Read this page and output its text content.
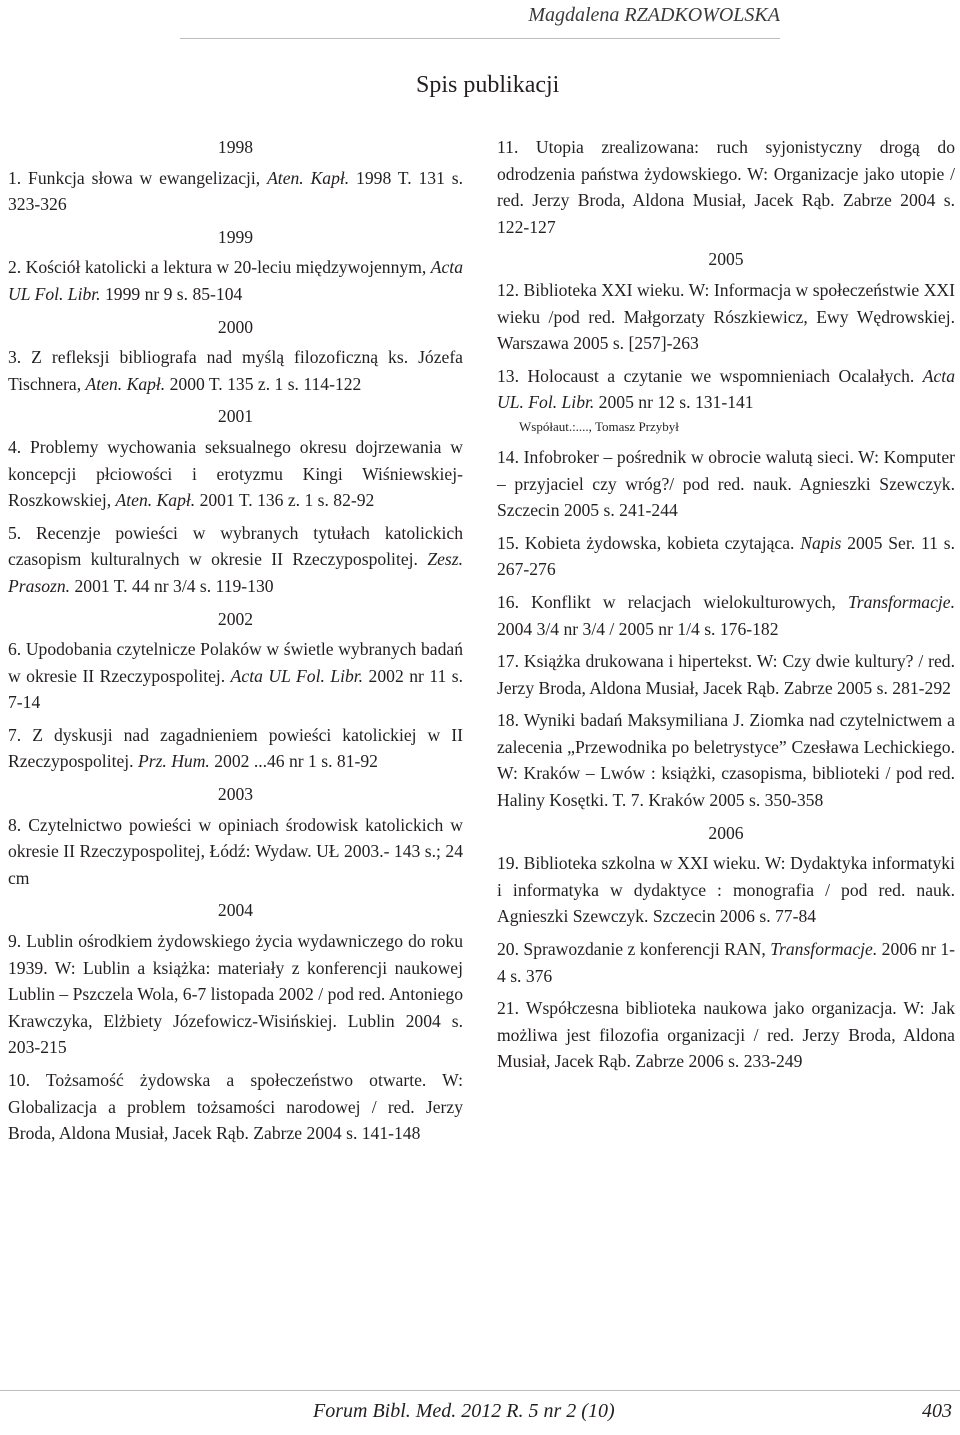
Magdalena RZADKOWOLSKA
Spis publikacji

1998

1. Funkcja słowa w ewangelizacji, Aten. Kapł. 1998 T. 131 s. 323-326

1999

2. Kościół katolicki a lektura w 20-leciu międzywojennym, Acta UL Fol. Libr. 1999 nr 9 s. 85-104

2000

3. Z refleksji bibliografa nad myślą filozoficzną ks. Józefa Tischnera, Aten. Kapł. 2000 T. 135 z. 1 s. 114-122

2001

4. Problemy wychowania seksualnego okresu dojrzewania w koncepcji płciowości i erotyzmu Kingi Wiśniewskiej-Roszkowskiej, Aten. Kapł. 2001 T. 136 z. 1 s. 82-92

5. Recenzje powieści w wybranych tytułach katolickich czasopism kulturalnych w okresie II Rzeczypospolitej. Zesz. Prasozn. 2001 T. 44 nr 3/4 s. 119-130

2002

6. Upodobania czytelnicze Polaków w świetle wybranych badań w okresie II Rzeczypospolitej. Acta UL Fol. Libr. 2002 nr 11 s. 7-14

7. Z dyskusji nad zagadnieniem powieści katolickiej w II Rzeczypospolitej. Prz. Hum. 2002 ...46 nr 1 s. 81-92

2003

8. Czytelnictwo powieści w opiniach środowisk katolickich w okresie II Rzeczypospolitej, Łódź: Wydaw. UŁ 2003.- 143 s.; 24 cm

2004

9. Lublin ośrodkiem żydowskiego życia wydawniczego do roku 1939. W: Lublin a książka: materiały z konferencji naukowej Lublin – Pszczela Wola, 6-7 listopada 2002 / pod red. Antoniego Krawczyka, Elżbiety Józefowicz-Wisińskiej. Lublin 2004 s. 203-215

10. Tożsamość żydowska a społeczeństwo otwarte. W: Globalizacja a problem tożsamości narodowej / red. Jerzy Broda, Aldona Musiał, Jacek Rąb. Zabrze 2004 s. 141-148

11. Utopia zrealizowana: ruch syjonistyczny drogą do odrodzenia państwa żydowskiego. W: Organizacje jako utopie / red. Jerzy Broda, Aldona Musiał, Jacek Rąb. Zabrze 2004 s. 122-127

2005

12. Biblioteka XXI wieku. W: Informacja w społeczeństwie XXI wieku /pod red. Małgorzaty Rószkiewicz, Ewy Wędrowskiej. Warszawa 2005 s. [257]-263

13. Holocaust a czytanie we wspomnieniach Ocalałych. Acta UL. Fol. Libr. 2005 nr 12 s. 131-141

Współaut.:...., Tomasz Przybył

14. Infobroker – pośrednik w obrocie walutą sieci. W: Komputer – przyjaciel czy wróg?/ pod red. nauk. Agnieszki Szewczyk. Szczecin 2005 s. 241-244

15. Kobieta żydowska, kobieta czytająca. Napis 2005 Ser. 11 s. 267-276

16. Konflikt w relacjach wielokulturowych, Transformacje. 2004 3/4 nr 3/4 / 2005 nr 1/4 s. 176-182

17. Książka drukowana i hipertekst. W: Czy dwie kultury? / red. Jerzy Broda, Aldona Musiał, Jacek Rąb. Zabrze 2005 s. 281-292

18. Wyniki badań Maksymiliana J. Ziomka nad czytelnictwem a zalecenia „Przewodnika po beletrystyce” Czesława Lechickiego. W: Kraków – Lwów : książki, czasopisma, biblioteki / pod red. Haliny Kosętki. T. 7. Kraków 2005 s. 350-358

2006

19. Biblioteka szkolna w XXI wieku. W: Dydaktyka informatyki i informatyka w dydaktyce : monografia / pod red. nauk. Agnieszki Szewczyk. Szczecin 2006 s. 77-84

20. Sprawozdanie z konferencji RAN, Transformacje. 2006 nr 1-4 s. 376

21. Współczesna biblioteka naukowa jako organizacja. W: Jak możliwa jest filozofia organizacji / red. Jerzy Broda, Aldona Musiał, Jacek Rąb. Zabrze 2006 s. 233-249

Forum Bibl. Med. 2012 R. 5 nr 2 (10)	403
